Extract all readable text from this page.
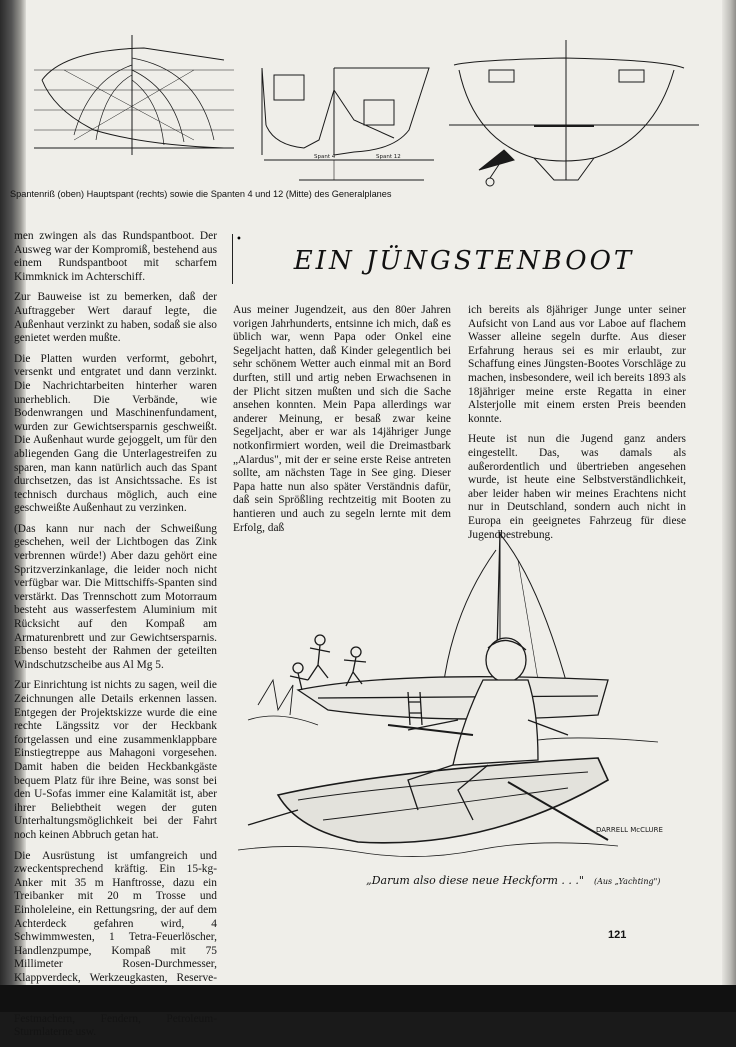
Spant 4	Spant 12
Spantenriß (oben) Hauptspant (rechts) sowie die Spanten 4 und 12 (Mitte) des Generalplanes

men zwingen als das Rundspantboot. Der Ausweg war der Kompromiß, bestehend aus einem Rundspantboot mit scharfem Kimmknick im Achterschiff.

Zur Bauweise ist zu bemerken, daß der Auftraggeber Wert darauf legte, die Außenhaut verzinkt zu haben, sodaß sie also genietet werden mußte.

Die Platten wurden verformt, gebohrt, versenkt und entgratet und dann verzinkt. Die Nachrichtarbeiten hinterher waren unerheblich. Die Verbände, wie Bodenwrangen und Maschinenfundament, wurden zur Gewichtsersparnis geschweißt. Die Außenhaut wurde gejoggelt, um für den abliegenden Gang die Unterlagestreifen zu sparen, man kann natürlich auch das Spant durchsetzen, das ist Ansichtssache. Es ist technisch durchaus möglich, auch eine geschweißte Außenhaut zu verzinken.

(Das kann nur nach der Schweißung geschehen, weil der Lichtbogen das Zink verbrennen würde!) Aber dazu gehört eine Spritzverzinkanlage, die leider noch nicht verfügbar war. Die Mittschiffs-Spanten sind verstärkt. Das Trennschott zum Motorraum besteht aus wasserfestem Aluminium mit Rücksicht auf den Kompaß am Armaturenbrett und zur Gewichtsersparnis. Ebenso besteht der Rahmen der geteilten Windschutzscheibe aus Al Mg 5.

Zur Einrichtung ist nichts zu sagen, weil die Zeichnungen alle Details erkennen lassen. Entgegen der Projektskizze wurde die eine rechte Längssitz vor der Heckbank fortgelassen und eine zusammenklappbare Einstiegtreppe aus Mahagoni vorgesehen. Damit haben die beiden Heckbankgäste bequem Platz für ihre Beine, was sonst bei den U-Sofas immer eine Kalamität ist, aber ihrer Beliebtheit wegen der guten Unterhaltungsmöglichkeit bei der Fahrt noch keinen Abbruch getan hat.

Die Ausrüstung ist umfangreich und zweckentsprechend kräftig. Ein 15-kg-Anker mit 35 m Hanftrosse, dazu ein Treibanker mit 20 m Trosse und Einholeleine, ein Rettungsring, der auf dem Achterdeck gefahren wird, 4 Schwimmwesten, 1 Tetra-Feuerlöscher, Handlenzpumpe, Kompaß mit 75 Millimeter Rosen-Durchmesser, Klappverdeck, Werkzeugkasten, Reserve- Festmachern, Fendern, Petroleum-Sturmlaterne usw.

•
EIN JÜNGSTENBOOT

Aus meiner Jugendzeit, aus den 80er Jahren vorigen Jahrhunderts, entsinne ich mich, daß es üblich war, wenn Papa oder Onkel eine Segeljacht hatten, daß Kinder gelegentlich bei sehr schönem Wetter auch einmal mit an Bord durften, still und artig neben Erwachsenen in der Plicht sitzen mußten und sich die Sache ansehen konnten. Mein Papa allerdings war anderer Meinung, er besaß zwar keine Segeljacht, aber er war als 14jähriger Junge notkonfirmiert worden, weil die Dreimastbark „Alardus", mit der er seine erste Reise antreten sollte, am nächsten Tage in See ging. Dieser Papa hatte nun also später Verständnis dafür, daß sein Sprößling rechtzeitig mit Booten zu hantieren und auch zu segeln lernte mit dem Erfolg, daß

ich bereits als 8jähriger Junge unter seiner Aufsicht von Land aus vor Laboe auf flachem Wasser alleine segeln durfte. Aus dieser Erfahrung heraus sei es mir erlaubt, zur Schaffung eines Jüngsten-Bootes Vorschläge zu machen, insbesondere, weil ich bereits 1893 als 18jähriger meine erste Regatta in einer Alsterjolle mit einem ersten Preis beenden konnte.

Heute ist nun die Jugend ganz anders eingestellt. Das, was damals als außerordentlich und übertrieben angesehen wurde, ist heute eine Selbstverständlichkeit, aber leider haben wir meines Erachtens nicht nur in Deutschland, sondern auch nicht in Europa ein geeignetes Fahrzeug für diese Jugendbestrebung.

DARRELL McCLURE
„Darum also diese neue Heckform . . ." (Aus „Yachting")
121
